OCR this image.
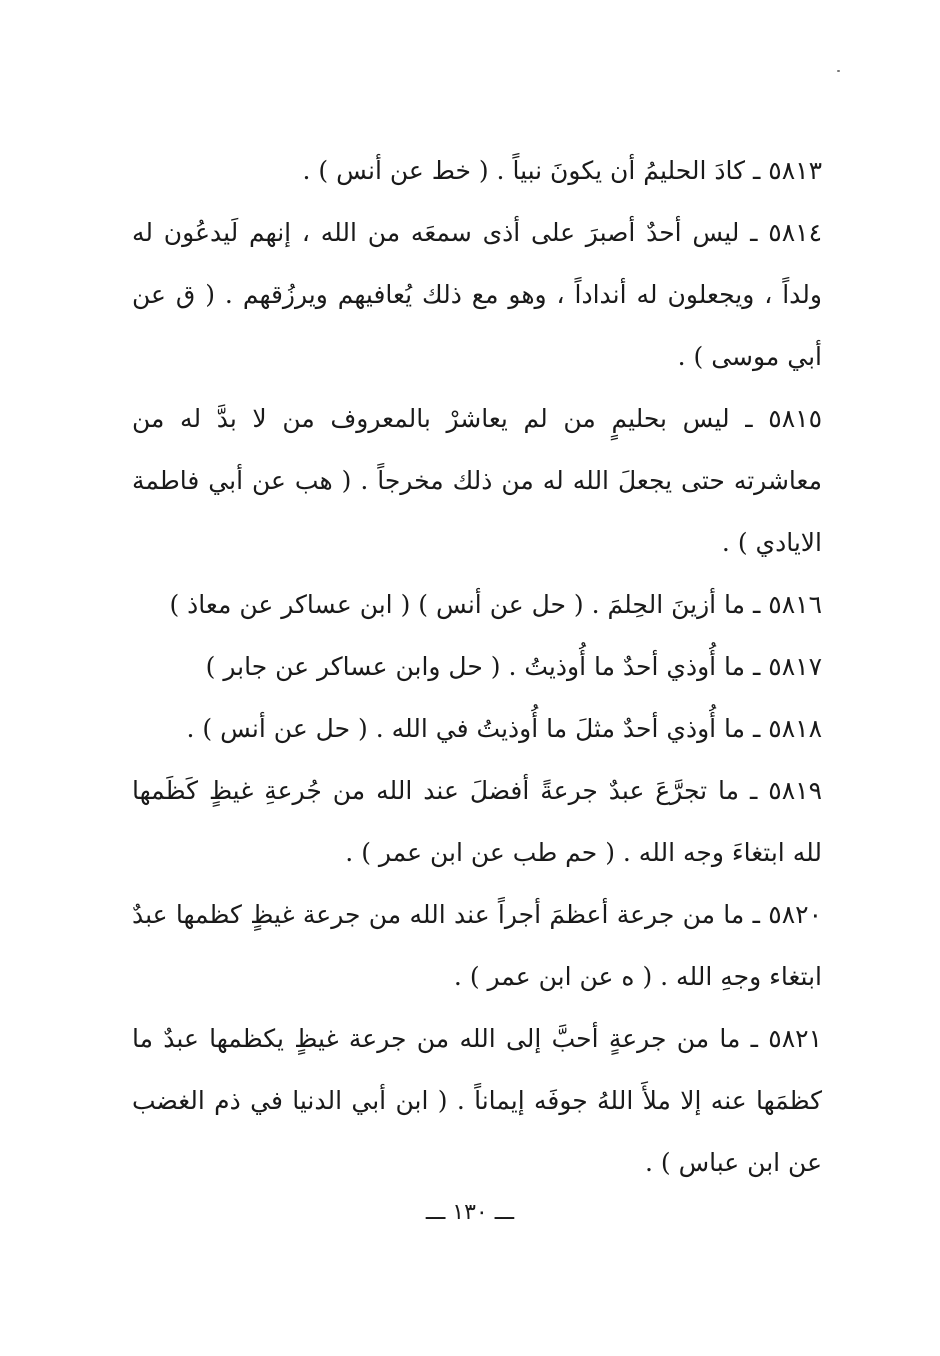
٥٨١٣ ـ كادَ الحليمُ أن يكونَ نبياً . ( خط عن أنس ) .

٥٨١٤ ـ ليس أحدٌ أصبرَ على أذى سمعَه من الله ، إنهم لَيدعُون له ولداً ، ويجعلون له أنداداً ، وهو مع ذلك يُعافيهم ويرزُقهم . ( ق عن أبي موسى ) .

٥٨١٥ ـ ليس بحليمٍ من لم يعاشرْ بالمعروف من لا بدَّ له من معاشرته حتى يجعلَ الله له من ذلك مخرجاً . ( هب عن أبي فاطمة الايادي ) .

٥٨١٦ ـ ما أزينَ الحِلمَ . ( حل عن أنس ) ( ابن عساكر عن معاذ )

٥٨١٧ ـ ما أُوذي أحدٌ ما أُوذيتُ . ( حل وابن عساكر عن جابر )

٥٨١٨ ـ ما أُوذي أحدٌ مثلَ ما أُوذيتُ في الله . ( حل عن أنس ) .

٥٨١٩ ـ ما تجرَّعَ عبدٌ جرعةً أفضلَ عند الله من جُرعةِ غيظٍ كَظَمها لله ابتغاءَ وجه الله . ( حم طب عن ابن عمر ) .

٥٨٢٠ ـ ما من جرعة أعظمَ أجراً عند الله من جرعة غيظٍ كظمها عبدٌ ابتغاء وجهِ الله . ( ه عن ابن عمر ) .

٥٨٢١ ـ ما من جرعةٍ أحبَّ إلى الله من جرعة غيظٍ يكظمها عبدٌ ما كظمَها عنه إلا ملأَ اللهُ جوفَه إيماناً . ( ابن أبي الدنيا في ذم الغضب عن ابن عباس ) .

ـــ ١٣٠ ـــ
